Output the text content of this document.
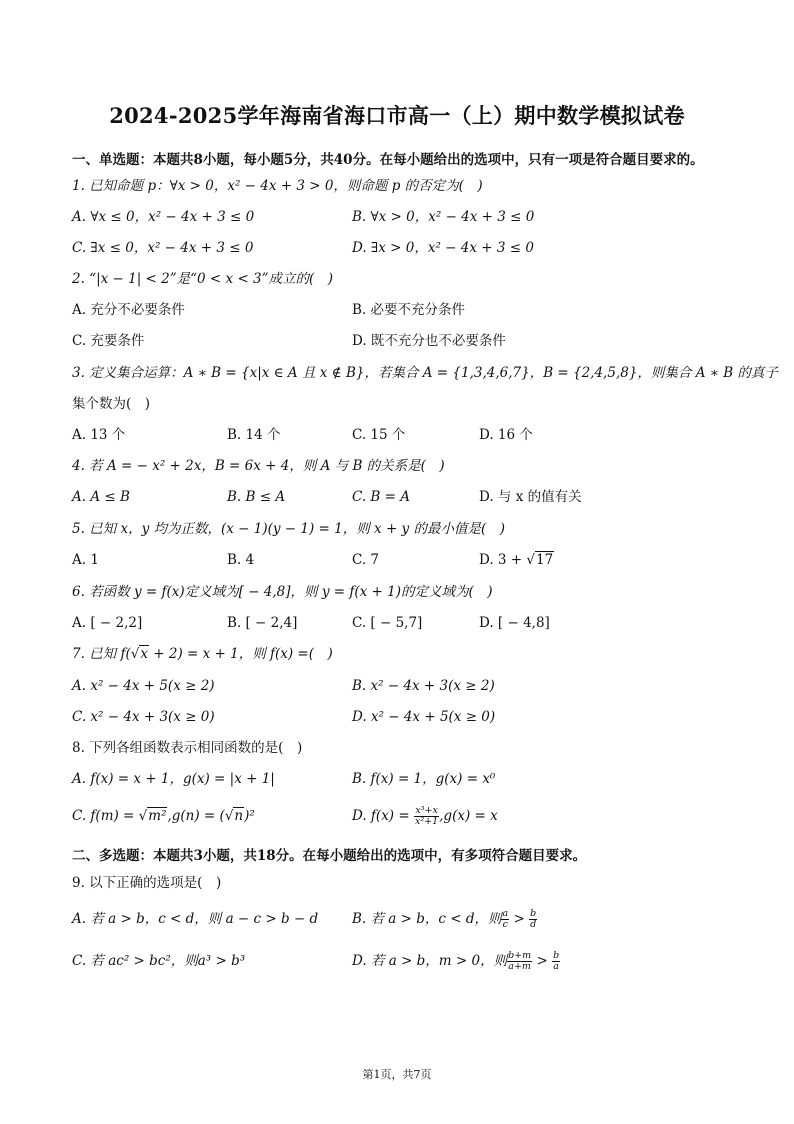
2024-2025学年海南省海口市高一（上）期中数学模拟试卷
一、单选题：本题共8小题，每小题5分，共40分。在每小题给出的选项中，只有一项是符合题目要求的。
1. 已知命题 p：∀x > 0，x² − 4x + 3 > 0，则命题 p 的否定为(　)
A. ∀x ≤ 0，x² − 4x + 3 ≤ 0	B. ∀x > 0，x² − 4x + 3 ≤ 0
C. ∃x ≤ 0，x² − 4x + 3 ≤ 0	D. ∃x > 0，x² − 4x + 3 ≤ 0
2. “|x − 1| < 2”是“0 < x < 3”成立的(　)
A. 充分不必要条件	B. 必要不充分条件
C. 充要条件	D. 既不充分也不必要条件
3. 定义集合运算：A ∗ B = {x|x ∈ A 且 x ∉ B}，若集合 A = {1,3,4,6,7}，B = {2,4,5,8}，则集合 A ∗ B 的真子
集个数为(　)
A. 13 个	B. 14 个	C. 15 个	D. 16 个
4. 若 A = − x² + 2x，B = 6x + 4，则 A 与 B 的关系是(　)
A. A ≤ B	B. B ≤ A	C. B = A	D. 与 x 的值有关
5. 已知 x，y 均为正数，(x − 1)(y − 1) = 1，则 x + y 的最小值是(　)
A. 1	B. 4	C. 7	D. 3 + √17
6. 若函数 y = f(x)定义域为[ − 4,8]，则 y = f(x + 1)的定义域为(　)
A. [ − 2,2]	B. [ − 2,4]	C. [ − 5,7]	D. [ − 4,8]
7. 已知 f(√x + 2) = x + 1，则 f(x) =(　)
A. x² − 4x + 5(x ≥ 2)	B. x² − 4x + 3(x ≥ 2)
C. x² − 4x + 3(x ≥ 0)	D. x² − 4x + 5(x ≥ 0)
8. 下列各组函数表示相同函数的是(　)
A. f(x) = x + 1，g(x) = |x + 1|	B. f(x) = 1，g(x) = x⁰
C. f(m) = √m²,g(n) = (√n)²	D. $f(x) = \frac{\text{x³+x}}{\text{x²+1}} ,g(x) = x$
二、多选题：本题共3小题，共18分。在每小题给出的选项中，有多项符合题目要求。
9. 以下正确的选项是(　)
A. 若 a > b，c < d，则 a − c > b − d	B. 若 a > b，c < d，则 $\frac{a}{c} > \frac{b}{d}$
C. 若 ac² > bc²，则a³ > b³	D. 若 a > b，m > 0，则 $\frac{b+m}{a+m} > \frac{b}{a}$
第1页，共7页
